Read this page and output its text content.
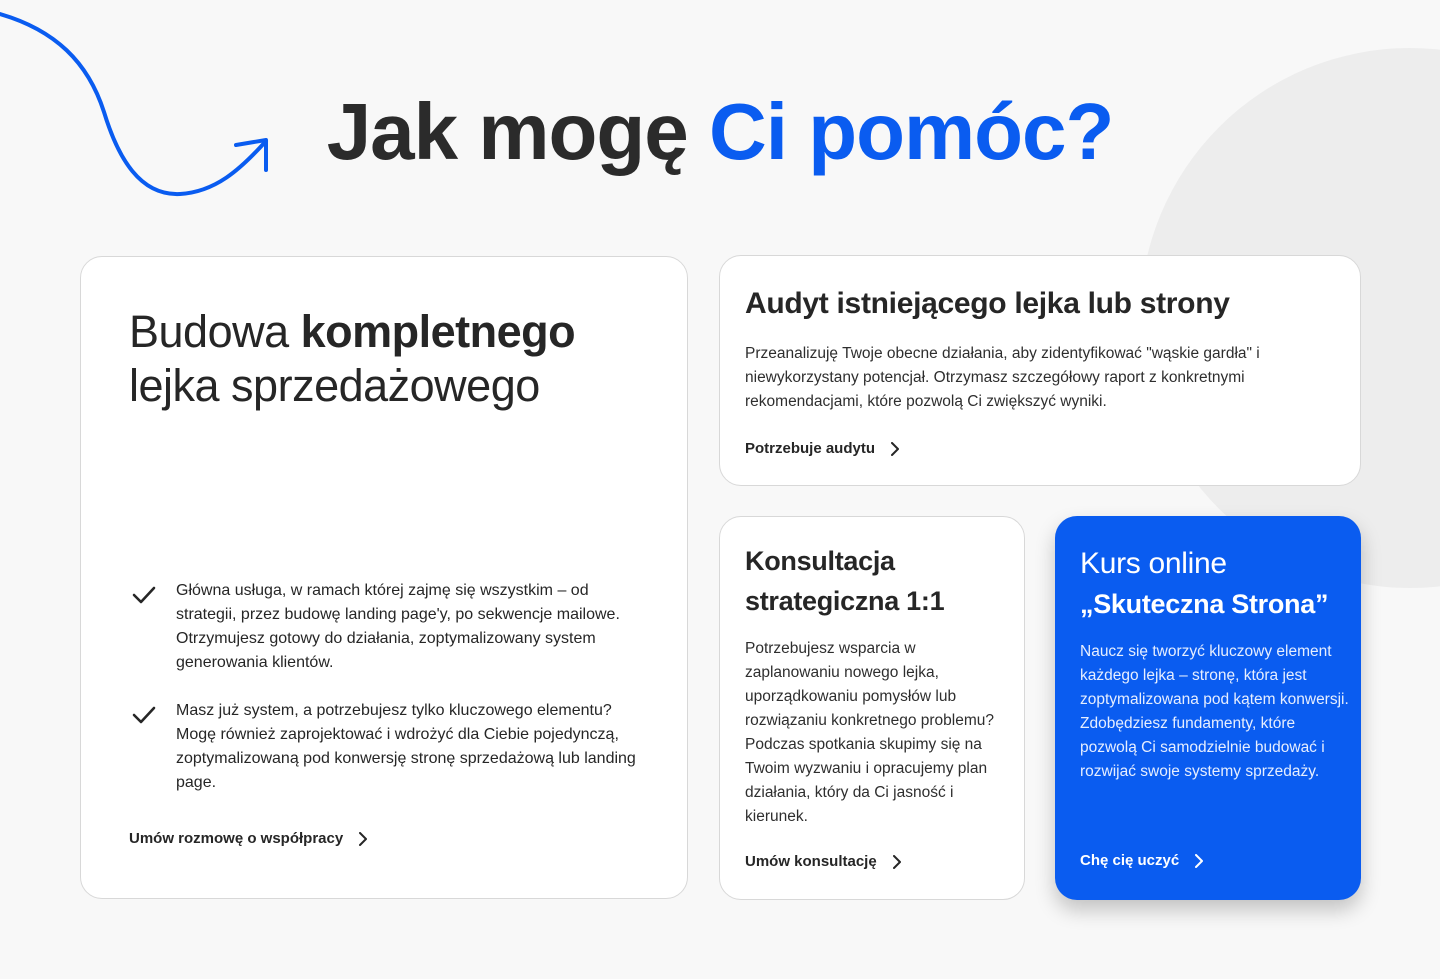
Jak mogę Ci pomóc?
Budowa kompletnego
lejka sprzedażowego

Główna usługa, w ramach której zajmę się wszystkim – od strategii, przez budowę landing page'y, po sekwencje mailowe. Otrzymujesz gotowy do działania, zoptymalizowany system generowania klientów.

Masz już system, a potrzebujesz tylko kluczowego elementu? Mogę również zaprojektować i wdrożyć dla Ciebie pojedynczą, zoptymalizowaną pod konwersję stronę sprzedażową lub landing page.

Umów rozmowę o współpracy
Audyt istniejącego lejka lub strony

Przeanalizuję Twoje obecne działania, aby zidentyfikować "wąskie gardła" i niewykorzystany potencjał. Otrzymasz szczegółowy raport z konkretnymi rekomendacjami, które pozwolą Ci zwiększyć wyniki.

Potrzebuje audytu
Konsultacja strategiczna 1:1

Potrzebujesz wsparcia w zaplanowaniu nowego lejka, uporządkowaniu pomysłów lub rozwiązaniu konkretnego problemu? Podczas spotkania skupimy się na Twoim wyzwaniu i opracujemy plan działania, który da Ci jasność i kierunek.

Umów konsultację
Kurs online
„Skuteczna Strona”

Naucz się tworzyć kluczowy element każdego lejka – stronę, która jest zoptymalizowana pod kątem konwersji. Zdobędziesz fundamenty, które pozwolą Ci samodzielnie budować i rozwijać swoje systemy sprzedaży.

Chę cię uczyć
